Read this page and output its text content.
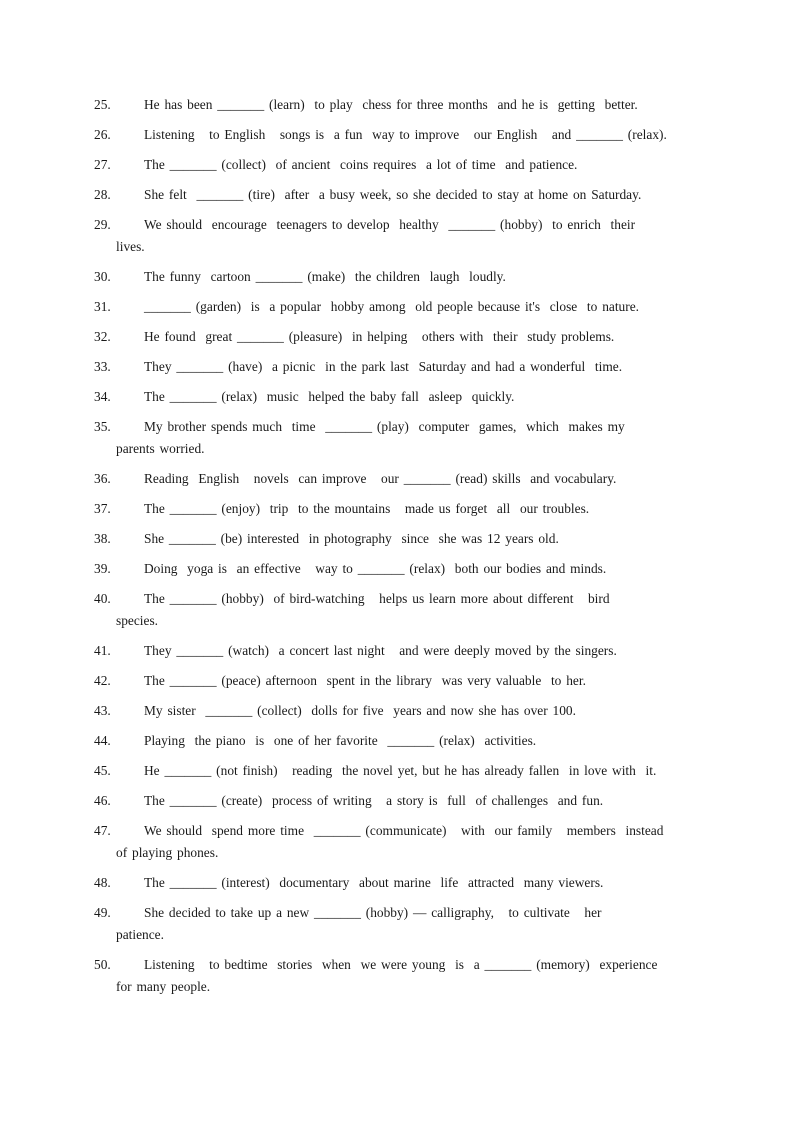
25.	He has been _______ (learn)  to play  chess for three months  and he is  getting  better.
26.	Listening   to English   songs is  a fun  way to improve   our English   and _______ (relax).
27.	The _______ (collect)  of ancient  coins requires  a lot of time  and patience.
28.	She felt  _______ (tire)  after  a busy week, so she decided to stay at home on Saturday.
29.	We should  encourage  teenagers to develop  healthy  _______ (hobby)  to enrich  their
lives.
30.	The funny  cartoon _______ (make)  the children  laugh  loudly.
31.	_______ (garden)  is  a popular  hobby among  old people because it's  close  to nature.
32.	He found  great _______ (pleasure)  in helping   others with  their  study problems.
33.	They _______ (have)  a picnic  in the park last  Saturday and had a wonderful  time.
34.	The _______ (relax)  music  helped the baby fall  asleep  quickly.
35.	My brother spends much  time  _______ (play)  computer  games,  which  makes my
parents worried.
36.	Reading  English   novels  can improve   our _______ (read) skills  and vocabulary.
37.	The _______ (enjoy)  trip  to the mountains   made us forget  all  our troubles.
38.	She _______ (be) interested  in photography  since  she was 12 years old.
39.	Doing  yoga is  an effective   way to _______ (relax)  both our bodies and minds.
40.	The _______ (hobby)  of bird-watching   helps us learn more about different   bird
species.
41.	They _______ (watch)  a concert last night   and were deeply moved by the singers.
42.	The _______ (peace) afternoon  spent in the library  was very valuable  to her.
43.	My sister  _______ (collect)  dolls for five  years and now she has over 100.
44.	Playing  the piano  is  one of her favorite  _______ (relax)  activities.
45.	He _______ (not finish)   reading  the novel yet, but he has already fallen  in love with  it.
46.	The _______ (create)  process of writing   a story is  full  of challenges  and fun.
47.	We should  spend more time  _______ (communicate)   with  our family   members  instead
of playing phones.
48.	The _______ (interest)  documentary  about marine  life  attracted  many viewers.
49.	She decided to take up a new _______ (hobby) — calligraphy,   to cultivate   her
patience.
50.	Listening   to bedtime  stories  when  we were young  is  a _______ (memory)  experience
for many people.
